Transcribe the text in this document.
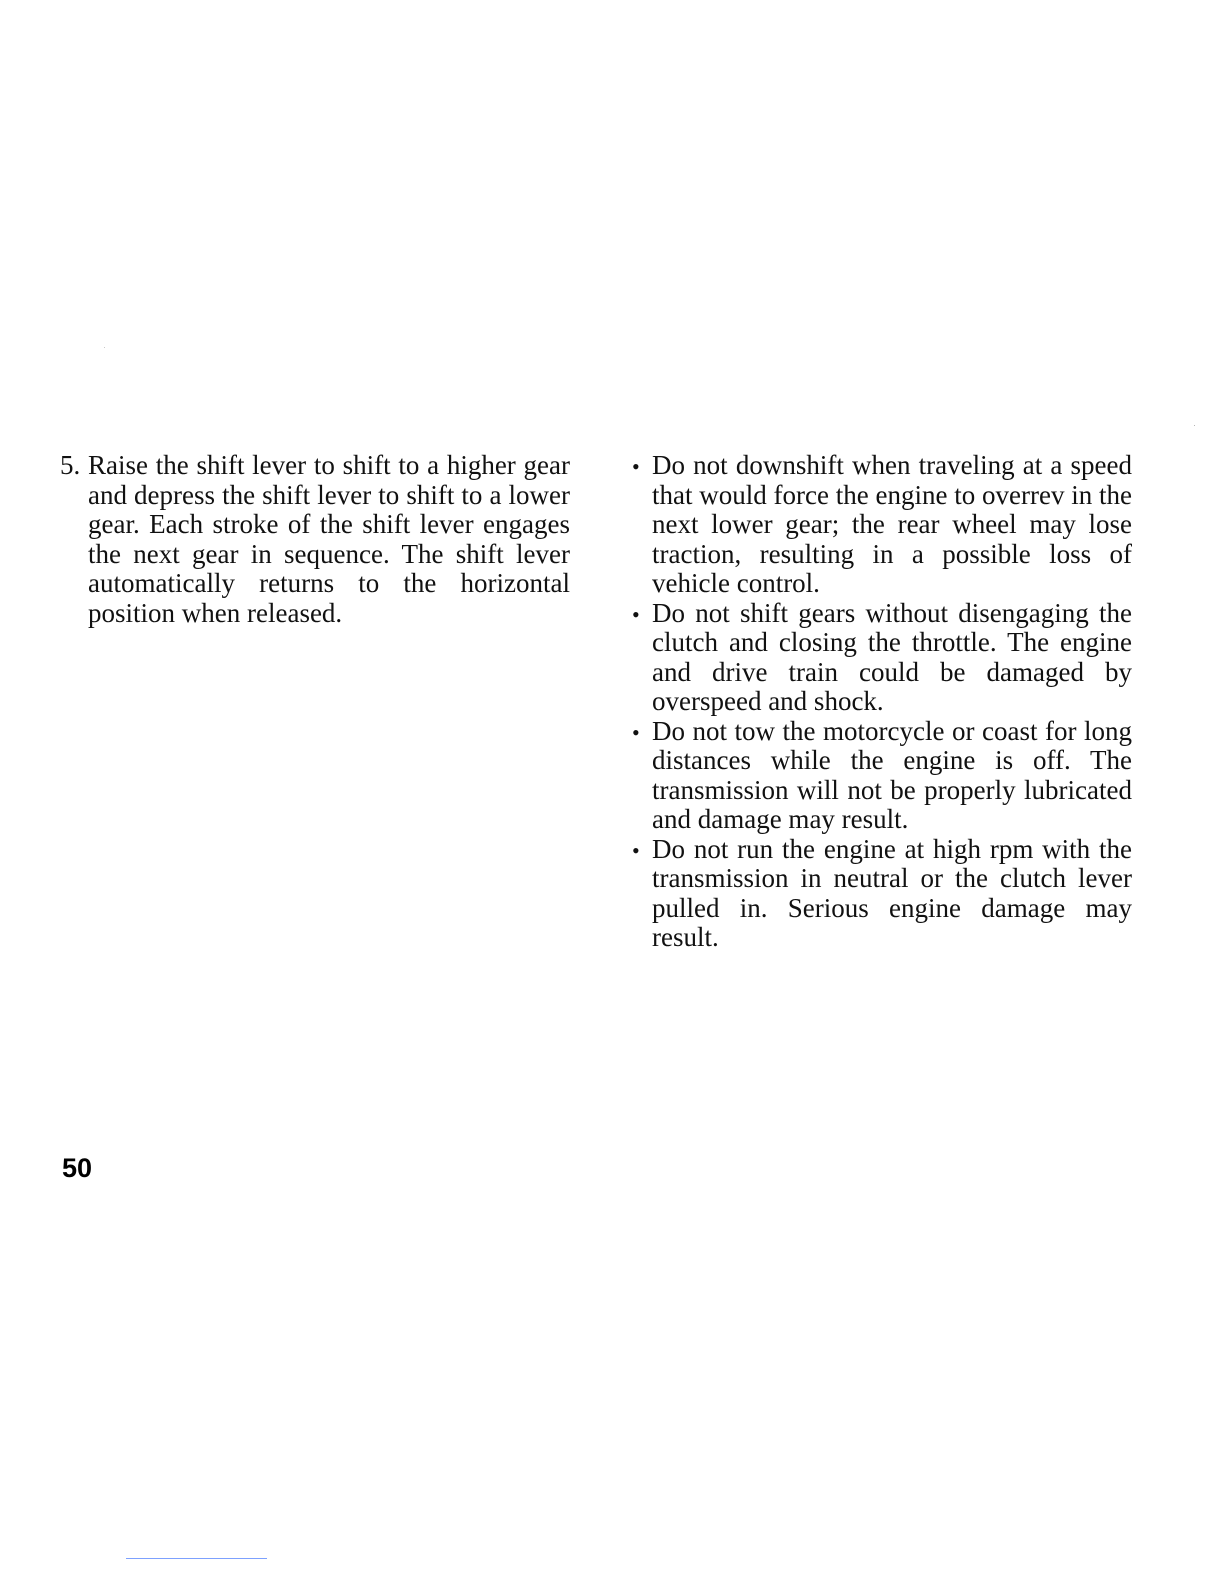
5. Raise the shift lever to shift to a higher gear and depress the shift lever to shift to a lower gear. Each stroke of the shift lever engages the next gear in sequence. The shift lever automatically returns to the horizontal position when released.
• Do not downshift when traveling at a speed that would force the engine to overrev in the next lower gear; the rear wheel may lose traction, resulting in a possible loss of vehicle control.
• Do not shift gears without disengaging the clutch and closing the throttle. The engine and drive train could be damaged by overspeed and shock.
• Do not tow the motorcycle or coast for long distances while the engine is off. The transmission will not be properly lubricated and damage may result.
• Do not run the engine at high rpm with the transmission in neutral or the clutch lever pulled in. Serious engine damage may result.
50
